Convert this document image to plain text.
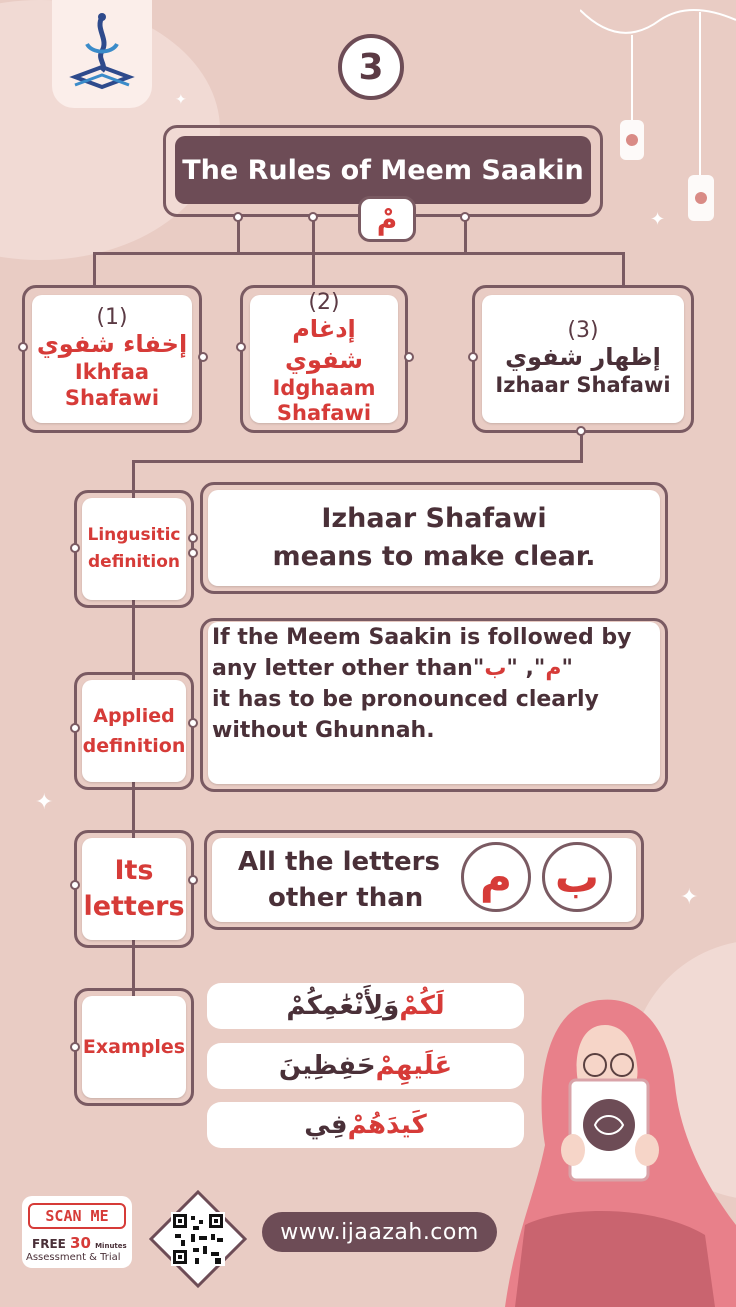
✦
✦
✦
✦
3
The Rules of Meem Saakin
مْ
(1)
إخفاء شفوي
Ikhfaa
Shafawi
(2)
إدغام شفوي
Idghaam
Shafawi
(3)
إظهار شفوي
Izhaar Shafawi
Lingusitic
definition
Izhaar Shafawi
means to make clear.
Applied
definition
If the Meem Saakin is followed by
any letter other than"	م", "ب	"
it has to be pronounced clearly
without Ghunnah.
Its
letters
All the letters
other than	م ب
Examples
لَكُمْ
وَلِأَنْعَٰمِكُمْ
عَلَيهِمْ
حَفِظِينَ
كَيدَهُمْ
فِي
SCAN ME
FREE 30 Minutes
Assessment & Trial
www.ijaazah.com
